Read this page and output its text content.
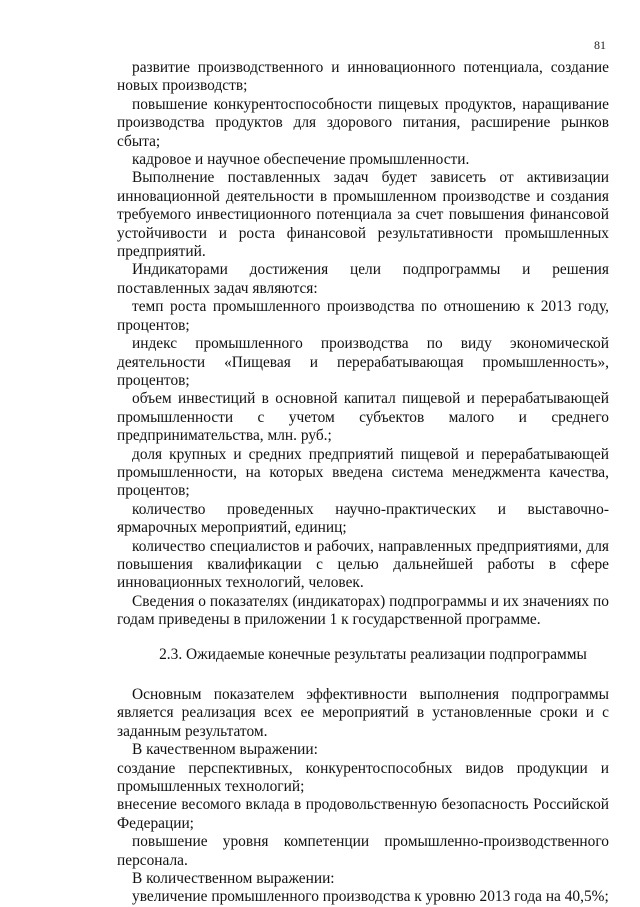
81

развитие производственного и инновационного потенциала, создание новых производств;

повышение конкурентоспособности пищевых продуктов, наращивание производства продуктов для здорового питания, расширение рынков сбыта;

кадровое и научное обеспечение промышленности.

Выполнение поставленных задач будет зависеть от активизации инновационной деятельности в промышленном производстве и создания требуемого инвестиционного потенциала за счет повышения финансовой устойчивости и роста финансовой результативности промышленных предприятий.

Индикаторами достижения цели подпрограммы и решения поставленных задач являются:

темп роста промышленного производства по отношению к 2013 году, процентов;

индекс промышленного производства по виду экономической деятельности «Пищевая и перерабатывающая промышленность», процентов;

объем инвестиций в основной капитал пищевой и перерабатывающей промышленности с учетом субъектов малого и среднего предпринимательства, млн. руб.;

доля крупных и средних предприятий пищевой и перерабатывающей промышленности, на которых введена система менеджмента качества, процентов;

количество проведенных научно-практических и выставочно-ярмарочных мероприятий, единиц;

количество специалистов и рабочих, направленных предприятиями, для повышения квалификации с целью дальнейшей работы в сфере инновационных технологий, человек.

Сведения о показателях (индикаторах) подпрограммы и их значениях по годам приведены в приложении 1 к государственной программе.

2.3. Ожидаемые конечные результаты реализации подпрограммы

Основным показателем эффективности выполнения подпрограммы является реализация всех ее мероприятий в установленные сроки и с заданным результатом.

В качественном выражении:

создание перспективных, конкурентоспособных видов продукции и промышленных технологий;

внесение весомого вклада в продовольственную безопасность Российской Федерации;

повышение уровня компетенции промышленно-производственного персонала.

В количественном выражении:

увеличение промышленного производства к уровню 2013 года на 40,5%;
